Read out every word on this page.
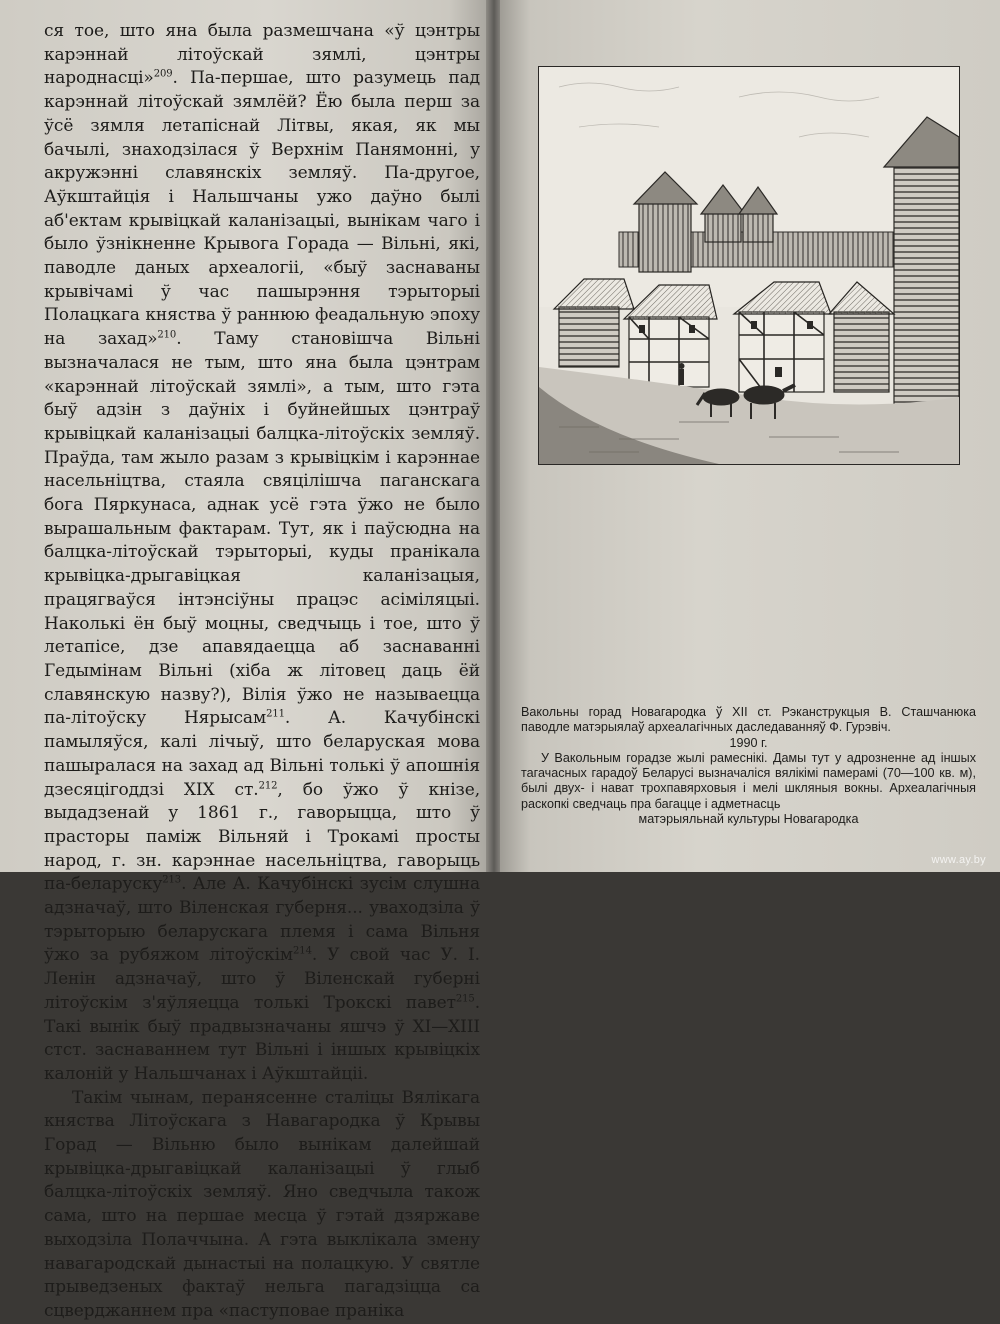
ся тое, што яна была размешчана «ў цэнтры карэннай літоўскай зямлі, цэнтры народнасці»$^{209}$. Па-першае, што разумець пад карэннай літоўскай зямлёй? Ёю была перш за ўсё зямля летапіснай Літвы, якая, як мы бачылі, знаходзілася ў Верхнім Панямонні, у акружэнні славянскіх земляў. Па-другое, Аўкштайція і Нальшчаны ужо даўно былі аб'ектам крывіцкай каланізацыі, вынікам чаго і было ўзнікненне Крывога Горада — Вільні, які, паводле даных археалогіі, «быў заснаваны крывічамі ў час пашырэння тэрыторыі Полацкага княства ў раннюю феадальную эпоху на захад»$^{210}$. Таму становішча Вільні вызначалася не тым, што яна была цэнтрам «карэннай літоўскай зямлі», а тым, што гэта быў адзін з даўніх і буйнейшых цэнтраў крывіцкай каланізацыі балцка-літоўскіх земляў. Праўда, там жыло разам з крывіцкім і карэннае насельніцтва, стаяла свяцілішча паганскага бога Пяркунаса, аднак усё гэта ўжо не было вырашальным фактарам. Тут, як і паўсюдна на балцка-літоўскай тэрыторыі, куды пранікала крывіцка-дрыгавіцкая каланізацыя, працягваўся інтэнсіўны працэс асіміляцыі. Наколькі ён быў моцны, сведчыць і тое, што ў летапісе, дзе апавядаецца аб заснаванні Гедымінам Вільні (хіба ж літовец даць ёй славянскую назву?), Вілія ўжо не называецца па-літоўску Нярысам$^{211}$. А. Качубінскі памыляўся, калі лічыў, што беларуская мова пашыралася на захад ад Вільні толькі ў апошнія дзесяцігоддзі XIX ст.$^{212}$, бо ўжо ў кнізе, выдадзенай у 1861 г., гаворыцца, што ў прасторы паміж Вільняй і Трокамі просты народ, г. зн. карэннае насельніцтва, гаворыць па-беларуску$^{213}$. Але А. Качубінскі зусім слушна адзначаў, што Віленская губерня... уваходзіла ў тэрыторыю беларускага племя і сама Вільня ўжо за рубяжом літоўскім$^{214}$. У свой час У. І. Ленін адзначаў, што ў Віленскай губерні літоўскім з'яўляецца толькі Трокскі павет$^{215}$. Такі вынік быў прадвызначаны яшчэ ў XI—XIII стст. заснаваннем тут Вільні і іншых крывіцкіх калоній у Нальшчанах і Аўкштайціі.

Такім чынам, перанясенне сталіцы Вялікага княства Літоўскага з Навагародка ў Крывы Горад — Вільню было вынікам далейшай крывіцка-дрыгавіцкай каланізацыі ў глыб балцка-літоўскіх земляў. Яно сведчыла також сама, што на першае месца ў гэтай дзяржаве выходзіла Полаччына. А гэта выклікала змену навагародскай дынастыі на полацкую. У святле прыведзеных фактаў нельга пагадзіцца са сцверджаннем пра «паступовае праніка

Вакольны горад Новагародка ў XII ст. Рэканструкцыя В. Сташчанюка паводле матэрыялаў археалагічных даследаванняў Ф. Гурэвіч.
1990 г.
У Вакольным горадзе жылі рамеснікі. Дамы тут у адрозненне ад іншых тагачасных гарадоў Беларусі вызначаліся вялікімі памерамі (70—100 кв. м), былі двух- і нават трохпавярховыя і мелі шкляныя вокны. Археалагічныя раскопкі сведчаць пра багацце і адметнасць
матэрыяльнай культуры Новагародка
www.ay.by
